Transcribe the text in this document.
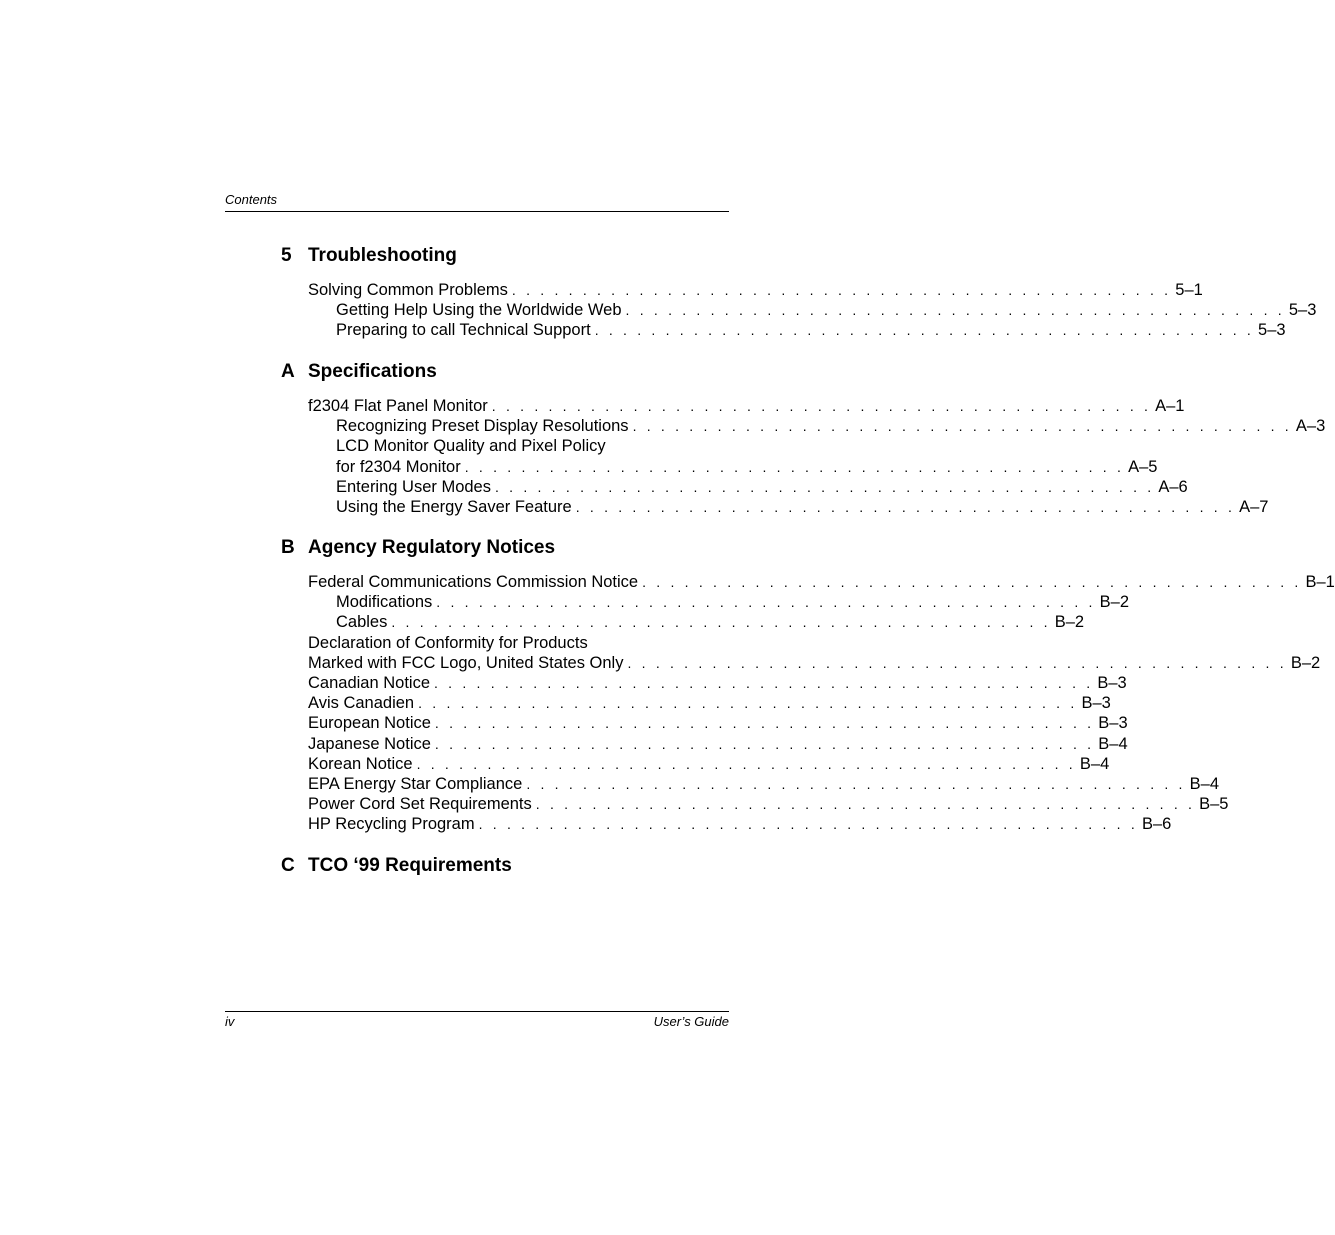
Contents
5 Troubleshooting
Solving Common Problems . . . . . . . . . . . . . . . . . . . . . . . . . . . . . . . . . . . . . . . . . . . . . . . 5–1
Getting Help Using the Worldwide Web . . . . . . . . . . . . . . . . . . . . . . . . . . . . . . . . . . . . . . . . . . . . . . . 5–3
Preparing to call Technical Support . . . . . . . . . . . . . . . . . . . . . . . . . . . . . . . . . . . . . . . . . . . . . . . 5–3
A Specifications
f2304 Flat Panel Monitor . . . . . . . . . . . . . . . . . . . . . . . . . . . . . . . . . . . . . . . . . . . . . . . A–1
Recognizing Preset Display Resolutions . . . . . . . . . . . . . . . . . . . . . . . . . . . . . . . . . . . . . . . . . . . . . . . A–3
LCD Monitor Quality and Pixel Policy
for f2304 Monitor . . . . . . . . . . . . . . . . . . . . . . . . . . . . . . . . . . . . . . . . . . . . . . . A–5
Entering User Modes . . . . . . . . . . . . . . . . . . . . . . . . . . . . . . . . . . . . . . . . . . . . . . . A–6
Using the Energy Saver Feature . . . . . . . . . . . . . . . . . . . . . . . . . . . . . . . . . . . . . . . . . . . . . . . A–7
B Agency Regulatory Notices
Federal Communications Commission Notice . . . . . . . . . . . . . . . . . . . . . . . . . . . . . . . . . . . . . . . . . . . . . . . B–1
Modifications . . . . . . . . . . . . . . . . . . . . . . . . . . . . . . . . . . . . . . . . . . . . . . . B–2
Cables . . . . . . . . . . . . . . . . . . . . . . . . . . . . . . . . . . . . . . . . . . . . . . . B–2
Declaration of Conformity for Products
Marked with FCC Logo, United States Only . . . . . . . . . . . . . . . . . . . . . . . . . . . . . . . . . . . . . . . . . . . . . . . B–2
Canadian Notice . . . . . . . . . . . . . . . . . . . . . . . . . . . . . . . . . . . . . . . . . . . . . . . B–3
Avis Canadien . . . . . . . . . . . . . . . . . . . . . . . . . . . . . . . . . . . . . . . . . . . . . . . B–3
European Notice . . . . . . . . . . . . . . . . . . . . . . . . . . . . . . . . . . . . . . . . . . . . . . . B–3
Japanese Notice . . . . . . . . . . . . . . . . . . . . . . . . . . . . . . . . . . . . . . . . . . . . . . . B–4
Korean Notice . . . . . . . . . . . . . . . . . . . . . . . . . . . . . . . . . . . . . . . . . . . . . . . B–4
EPA Energy Star Compliance . . . . . . . . . . . . . . . . . . . . . . . . . . . . . . . . . . . . . . . . . . . . . . . B–4
Power Cord Set Requirements . . . . . . . . . . . . . . . . . . . . . . . . . . . . . . . . . . . . . . . . . . . . . . . B–5
HP Recycling Program . . . . . . . . . . . . . . . . . . . . . . . . . . . . . . . . . . . . . . . . . . . . . . . B–6
C TCO ‘99 Requirements
iv	User’s Guide
